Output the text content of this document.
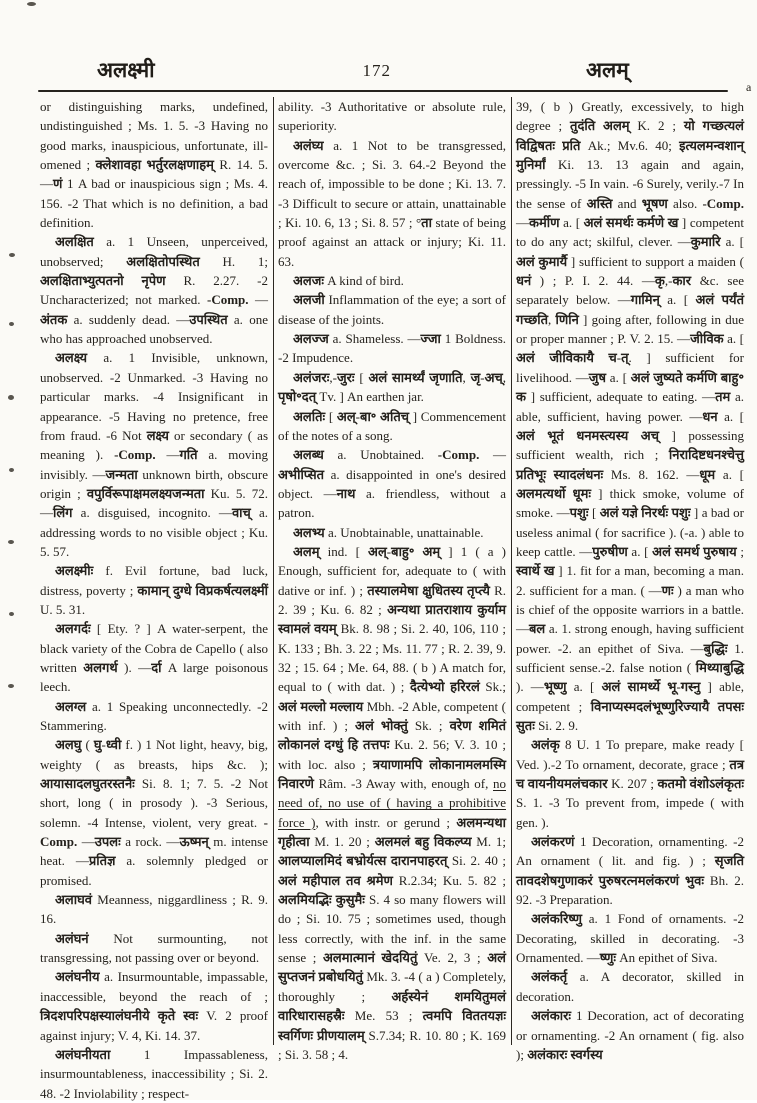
अलक्ष्मी	172	अलम्
a

or distinguishing marks, undefined, undistinguished ; Ms. 1. 5. -3 Having no good marks, inauspicious, unfortunate, ill-omened ; क्लेशावहा भर्तुरलक्षणाहम् R. 14. 5. —णं 1 A bad or inauspicious sign ; Ms. 4. 156. -2 That which is no definition, a bad definition.

अलक्षित a. 1 Unseen, unperceived, unobserved; अलक्षितोपस्थित H. 1; अलक्षिताभ्युत्पतनो नृपेण R. 2.27. -2 Uncharacterized; not marked. -Comp. —अंतक a. suddenly dead. —उपस्थित a. one who has approached unobserved.

अलक्ष्य a. 1 Invisible, unknown, unobserved. -2 Unmarked. -3 Having no particular marks. -4 Insignificant in appearance. -5 Having no pretence, free from fraud. -6 Not लक्ष्य or secondary ( as meaning ). -Comp. —गति a. moving invisibly. —जन्मता unknown birth, obscure origin ; वपुर्विरूपाक्षमलक्ष्यजन्मता Ku. 5. 72. —लिंग a. disguised, incognito. —वाच् a. addressing words to no visible object ; Ku. 5. 57.

अलक्ष्मीः f. Evil fortune, bad luck, distress, poverty ; कामान् दुग्धे विप्रकर्षत्यलक्ष्मीं U. 5. 31.

अलगर्दः [ Ety. ? ] A water-serpent, the black variety of the Cobra de Capello ( also written अलगर्थ ). —र्दा A large poisonous leech.

अलग्ल a. 1 Speaking unconnectedly. -2 Stammering.

अलघु ( घु-ध्वी f. ) 1 Not light, heavy, big, weighty ( as breasts, hips &c. ); आयासादलघुतरस्तनैः Si. 8. 1; 7. 5. -2 Not short, long ( in prosody ). -3 Serious, solemn. -4 Intense, violent, very great. -Comp. —उपलः a rock. —ऊष्मन् m. intense heat. —प्रतिज्ञ a. solemnly pledged or promised.

अलाघवं Meanness, niggardliness ; R. 9. 16.

अलंघनं Not surmounting, not transgressing, not passing over or beyond.

अलंघनीय a. Insurmountable, impassable, inaccessible, beyond the reach of ; त्रिदशपरिपक्षस्यालंघनीये कृते स्वः V. 2 proof against injury; V. 4, Ki. 14. 37.

अलंघनीयता 1 Impassableness, insurmountableness, inaccessibility ; Si. 2. 48. -2 Inviolability ; respect-

ability. -3 Authoritative or absolute rule, superiority.

अलंघ्य a. 1 Not to be transgressed, overcome &c. ; Si. 3. 64.-2 Beyond the reach of, impossible to be done ; Ki. 13. 7. -3 Difficult to secure or attain, unattainable ; Ki. 10. 6, 13 ; Si. 8. 57 ; °ता state of being proof against an attack or injury; Ki. 11. 63.

अलजः A kind of bird.

अलजी Inflammation of the eye; a sort of disease of the joints.

अलज्ज a. Shameless. —ज्जा 1 Boldness. -2 Impudence.

अलंजरः,-जुरः [ अलं सामर्थ्यं जृणाति, जृ-अच्, पृषो॰दत् Tv. ] An earthen jar.

अलतिः [ अल्-बा॰ अतिच् ] Commencement of the notes of a song.

अलब्ध a. Unobtained. -Comp. —अभीप्सित a. disappointed in one's desired object. —नाथ a. friendless, without a patron.

अलभ्य a. Unobtainable, unattainable.

अलम् ind. [ अल्-बाहु॰ अम् ] 1 ( a ) Enough, sufficient for, adequate to ( with dative or inf. ) ; तस्यालमेषा क्षुधितस्य तृप्त्यै R. 2. 39 ; Ku. 6. 82 ; अन्यथा प्रातराशाय कुर्याम स्वामलं वयम् Bk. 8. 98 ; Si. 2. 40, 106, 110 ; K. 133 ; Bh. 3. 22 ; Ms. 11. 77 ; R. 2. 39, 9. 32 ; 15. 64 ; Me. 64, 88. ( b ) A match for, equal to ( with dat. ) ; दैत्येभ्यो हरिरलं Sk.; अलं मल्लो मल्लाय Mbh. -2 Able, competent ( with inf. ) ; अलं भोक्तुं Sk. ; वरेण शमितं लोकानलं दग्धुं हि तत्तपः Ku. 2. 56; V. 3. 10 ; with loc. also ; त्रयाणामपि लोकानामलमस्मि निवारणे Râm. -3 Away with, enough of, no need of, no use of ( having a prohibitive force ), with instr. or gerund ; अलमन्यथा गृहीत्वा M. 1. 20 ; अलमलं बहु विकल्प्य M. 1; आलप्यालमिदं बभ्रोर्यत्स दारानपाहरत् Si. 2. 40 ; अलं महीपाल तव श्रमेण R.2.34; Ku. 5. 82 ; अलमियद्भिः कुसुमैः S. 4 so many flowers will do ; Si. 10. 75 ; sometimes used, though less correctly, with the inf. in the same sense ; अलमात्मानं खेदयितुं Ve. 2, 3 ; अलं सुप्तजनं प्रबोधयितुं Mk. 3. -4 ( a ) Completely, thoroughly ; अर्हस्येनं शमयितुमलं वारिधारासहस्रैः Me. 53 ; त्वमपि विततयज्ञः स्वर्गिणः प्रीणयालम् S.7.34; R. 10. 80 ; K. 169 ; Si. 3. 58 ; 4.

39, ( b ) Greatly, excessively, to high degree ; तुदंति अलम् K. 2 ; यो गच्छत्यलं विद्विषतः प्रति Ak.; Mv.6. 40; इत्यलमन्वशान् मुनिर्मां Ki. 13. 13 again and again, pressingly. -5 In vain. -6 Surely, verily.-7 In the sense of अस्ति and भूषण also. -Comp. —कर्मीण a. [ अलं समर्थः कर्मणे ख ] competent to do any act; skilful, clever. —कुमारि a. [ अलं कुमार्यै ] sufficient to support a maiden ( धनं ) ; P. I. 2. 44. —कृ,-कार &c. see separately below. —गामिन् a. [ अलं पर्यंतं गच्छति, णिनि ] going after, following in due or proper manner ; P. V. 2. 15. —जीविक a. [ अलं जीविकायै च-त्. ] sufficient for livelihood. —जुष a. [ अलं जुष्यते कर्मणि बाहु॰ क ] sufficient, adequate to eating. —तम a. able, sufficient, having power. —धन a. [ अलं भूतं धनमस्त्यस्य अच् ] possessing sufficient wealth, rich ; निरादिष्टधनश्चेत्तु प्रतिभूः स्यादलंधनः Ms. 8. 162. —धूम a. [ अलमत्यर्थो धूमः ] thick smoke, volume of smoke. —पशुः [ अलं यज्ञे निरर्थः पशुः ] a bad or useless animal ( for sacrifice ). (-a. ) able to keep cattle. —पुरुषीण a. [ अलं समर्थ पुरुषाय ; स्वार्थे ख ] 1. fit for a man, becoming a man. 2. sufficient for a man. ( —णः ) a man who is chief of the opposite warriors in a battle. —बल a. 1. strong enough, having sufficient power. -2. an epithet of Siva. —बुद्धिः 1. sufficient sense.-2. false notion ( मिथ्याबुद्धि ). —भूष्णु a. [ अलं सामर्थ्ये भू-गस्नु ] able, competent ; विनाप्यस्मदलंभूष्णुरिज्यायै तपसः सुतः Si. 2. 9.

अलंकृ 8 U. 1 To prepare, make ready [ Ved. ).-2 To ornament, decorate, grace ; तत्र च वायनीयमलंचकार K. 207 ; कतमो वंशोऽलंकृतः S. 1. -3 To prevent from, impede ( with gen. ).

अलंकरणं 1 Decoration, ornamenting. -2 An ornament ( lit. and fig. ) ; सृजति तावदशेषगुणाकरं पुरुषरत्नमलंकरणं भुवः Bh. 2. 92. -3 Preparation.

अलंकरिष्णु a. 1 Fond of ornaments. -2 Decorating, skilled in decorating. -3 Ornamented. —ष्णुः An epithet of Siva.

अलंकर्तृ a. A decorator, skilled in decoration.

अलंकारः 1 Decoration, act of decorating or ornamenting. -2 An ornament ( fig. also ); अलंकारः स्वर्गस्य
